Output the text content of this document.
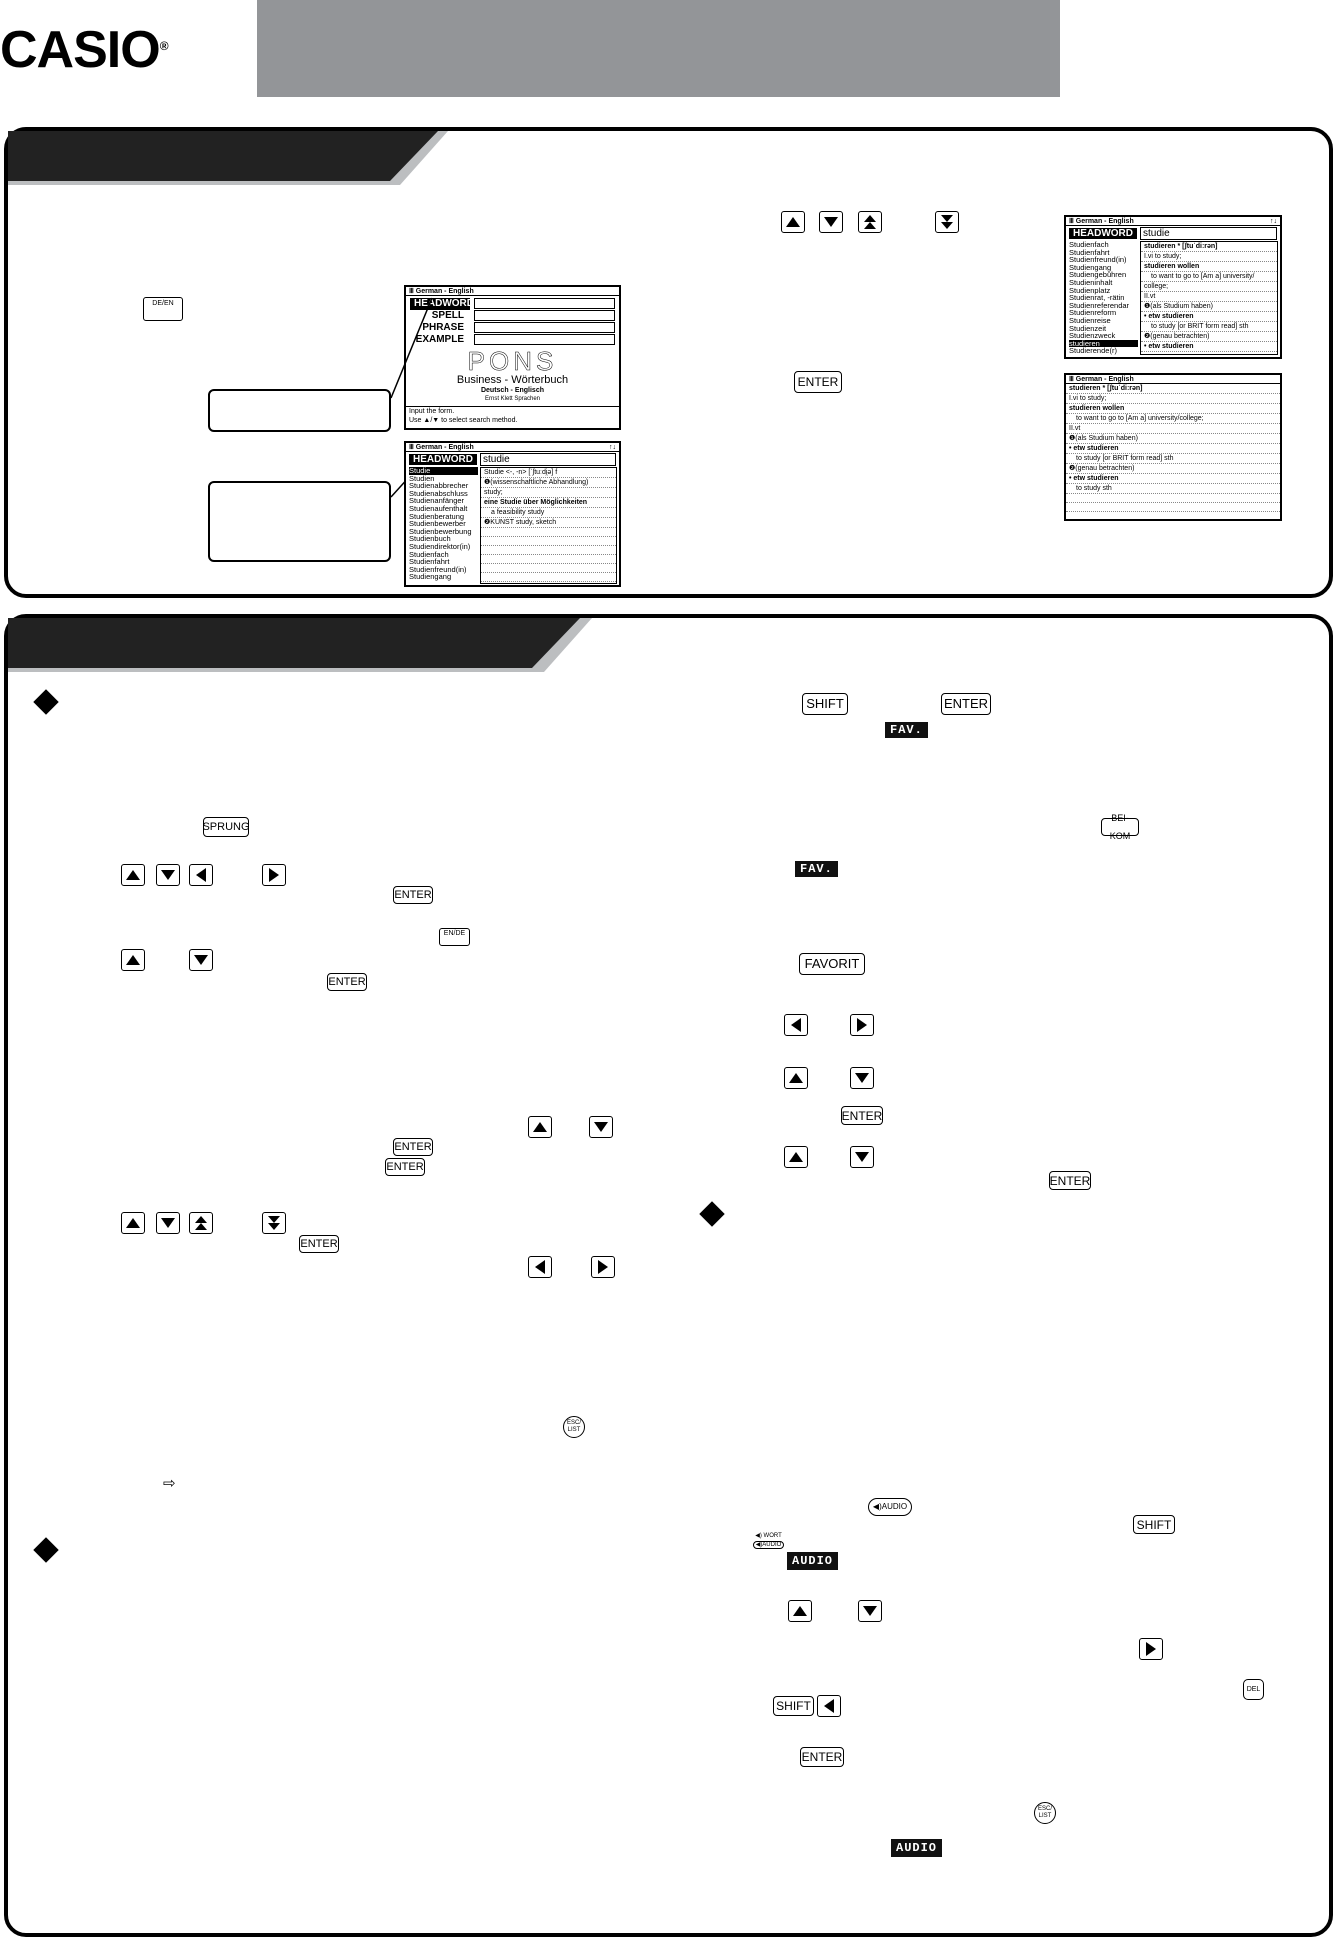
CASIO®
DE/EN
Ⅲ German - English
HEADWORD
SPELL
PHRASE
EXAMPLE
PONS
Business - Wörterbuch
Deutsch - Englisch
Ernst Klett Sprachen
Input the form.
Use ▲/▼ to select search method.
Ⅲ German - English	↑↓
HEADWORD	studie
Studie
Studien
Studienabbrecher
Studienabschluss
Studienanfänger
Studienaufenthalt
Studienberatung
Studienbewerber
Studienbewerbung
Studienbuch
Studiendirektor(in)
Studienfach
Studienfahrt
Studienfreund(in)
Studiengang
Studie <-, -n> [ˈʃtuːdi̯ə] f
❶(wissenschaftliche Abhandlung)
study;
eine Studie über Möglichkeiten
a feasibility study
❷KUNST study, sketch
ENTER
Ⅲ German - English	↑↓
HEADWORD	studie
Studienfach
Studienfahrt
Studienfreund(in)
Studiengang
Studiengebühren
Studieninhalt
Studienplatz
Studienrat, -rätin
Studienreferendar
Studienreform
Studienreise
Studienzeit
Studienzweck
studieren
Studierende(r)
studieren * [ʃtuˈdiːrən]
I.vi to study;
studieren wollen
to want to go to [Am a] university/
college;
II.vt
❶(als Studium haben)
• etw studieren
to study [or BRIT form read] sth
❷(genau betrachten)
• etw studieren
Ⅲ German - English
studieren * [ʃtuˈdiːrən]
I.vi to study;
studieren wollen
to want to go to [Am a] university/college;
II.vt
❶(als Studium haben)
• etw studieren
to study [or BRIT form read] sth
❷(genau betrachten)
• etw studieren
to study sth
SPRUNG
ENTER
EN/DE
ENTER
ENTER
ENTER
ENTER
ESC/
LIST
⇨
SHIFT	ENTER
FAV.
BEI-KOM
FAV.
FAVORIT
ENTER
ENTER
◀)AUDIO
SHIFT
◀) WORT
◀)AUDIO
AUDIO
DEL
SHIFT
ENTER
ESC/
LIST
AUDIO
